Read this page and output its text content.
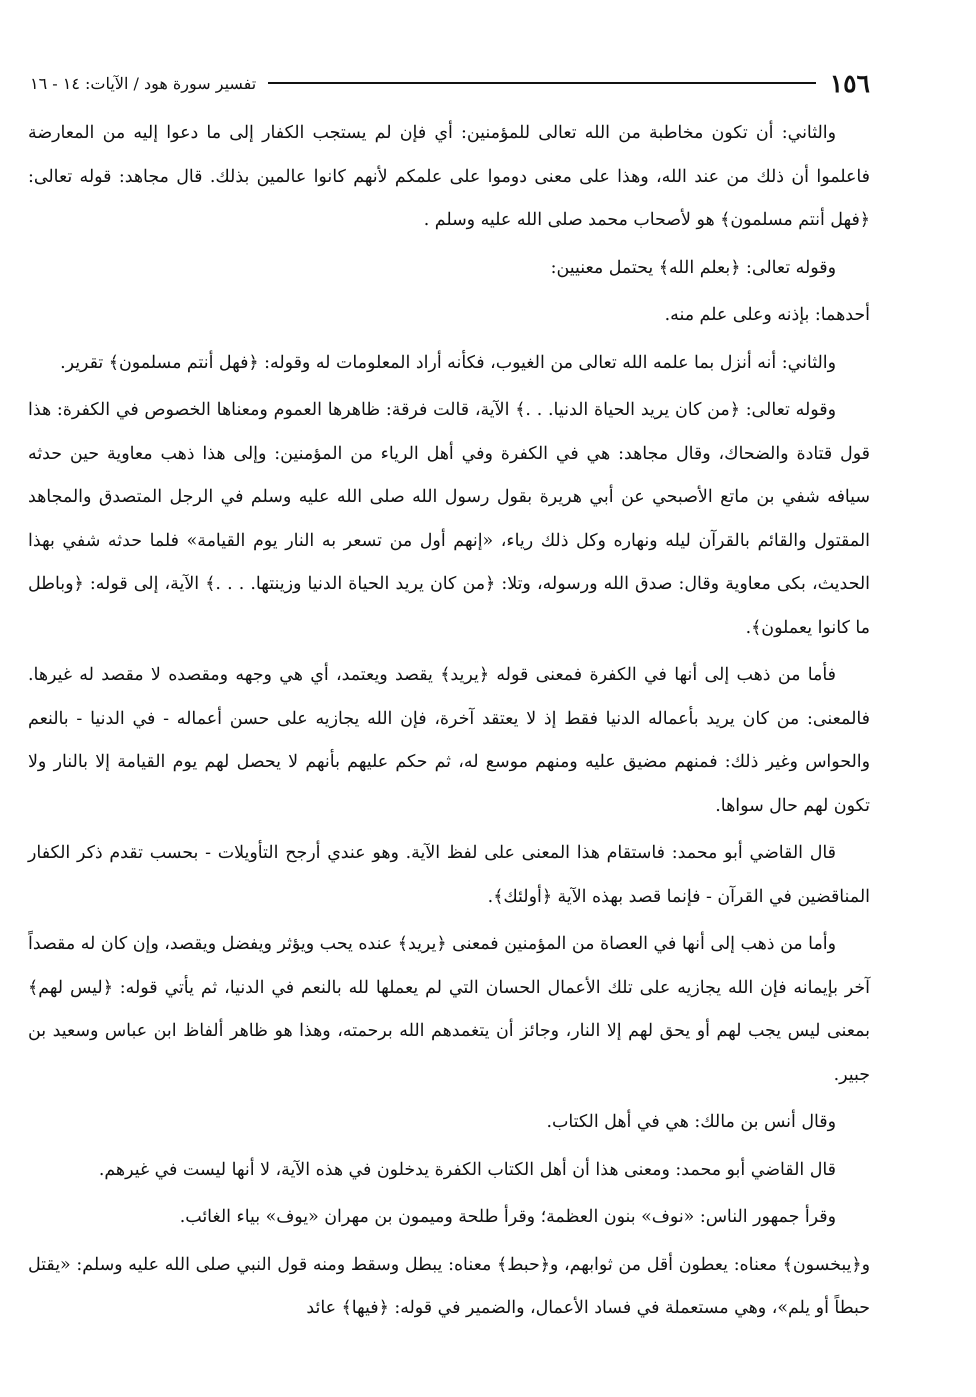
١٥٦
تفسير سورة هود / الآيات: ١٤ - ١٦

والثاني: أن تكون مخاطبة من الله تعالى للمؤمنين: أي فإن لم يستجب الكفار إلى ما دعوا إليه من المعارضة فاعلموا أن ذلك من عند الله، وهذا على معنى دوموا على علمكم لأنهم كانوا عالمين بذلك. قال مجاهد: قوله تعالى: ﴿فهل أنتم مسلمون﴾ هو لأصحاب محمد صلى الله عليه وسلم .

وقوله تعالى: ﴿بعلم الله﴾ يحتمل معنيين:

أحدهما: بإذنه وعلى علم منه.

والثاني: أنه أنزل بما علمه الله تعالى من الغيوب، فكأنه أراد المعلومات له وقوله: ﴿فهل أنتم مسلمون﴾ تقرير.

وقوله تعالى: ﴿من كان يريد الحياة الدنيا. . .﴾ الآية، قالت فرقة: ظاهرها العموم ومعناها الخصوص في الكفرة: هذا قول قتادة والضحاك، وقال مجاهد: هي في الكفرة وفي أهل الرياء من المؤمنين: وإلى هذا ذهب معاوية حين حدثه سيافه شفي بن ماتع الأصبحي عن أبي هريرة بقول رسول الله صلى الله عليه وسلم في الرجل المتصدق والمجاهد المقتول والقائم بالقرآن ليله ونهاره وكل ذلك رياء، «إنهم أول من تسعر به النار يوم القيامة» فلما حدثه شفي بهذا الحديث، بكى معاوية وقال: صدق الله ورسوله، وتلا: ﴿من كان يريد الحياة الدنيا وزينتها. . . .﴾ الآية، إلى قوله: ﴿وباطل ما كانوا يعملون﴾.

فأما من ذهب إلى أنها في الكفرة فمعنى قوله ﴿يريد﴾ يقصد ويعتمد، أي هي وجهه ومقصده لا مقصد له غيرها. فالمعنى: من كان يريد بأعماله الدنيا فقط إذ لا يعتقد آخرة، فإن الله يجازيه على حسن أعماله - في الدنيا - بالنعم والحواس وغير ذلك: فمنهم مضيق عليه ومنهم موسع له، ثم حكم عليهم بأنهم لا يحصل لهم يوم القيامة إلا بالنار ولا تكون لهم حال سواها.

قال القاضي أبو محمد: فاستقام هذا المعنى على لفظ الآية. وهو عندي أرجح التأويلات - بحسب تقدم ذكر الكفار المناقضين في القرآن - فإنما قصد بهذه الآية ﴿أولئك﴾.

وأما من ذهب إلى أنها في العصاة من المؤمنين فمعنى ﴿يريد﴾ عنده يحب ويؤثر ويفضل ويقصد، وإن كان له مقصداً آخر بإيمانه فإن الله يجازيه على تلك الأعمال الحسان التي لم يعملها لله بالنعم في الدنيا، ثم يأتي قوله: ﴿ليس لهم﴾ بمعنى ليس يجب لهم أو يحق لهم إلا النار، وجائز أن يتغمدهم الله برحمته، وهذا هو ظاهر ألفاظ ابن عباس وسعيد بن جبير.

وقال أنس بن مالك: هي في أهل الكتاب.

قال القاضي أبو محمد: ومعنى هذا أن أهل الكتاب الكفرة يدخلون في هذه الآية، لا أنها ليست في غيرهم.

وقرأ جمهور الناس: «نوف» بنون العظمة؛ وقرأ طلحة وميمون بن مهران «يوف» بياء الغائب.

و﴿يبخسون﴾ معناه: يعطون أقل من ثوابهم، و﴿حبط﴾ معناه: يبطل وسقط ومنه قول النبي صلى الله عليه وسلم: «يقتل حبطاً أو يلم»، وهي مستعملة في فساد الأعمال، والضمير في قوله: ﴿فيها﴾ عائد
